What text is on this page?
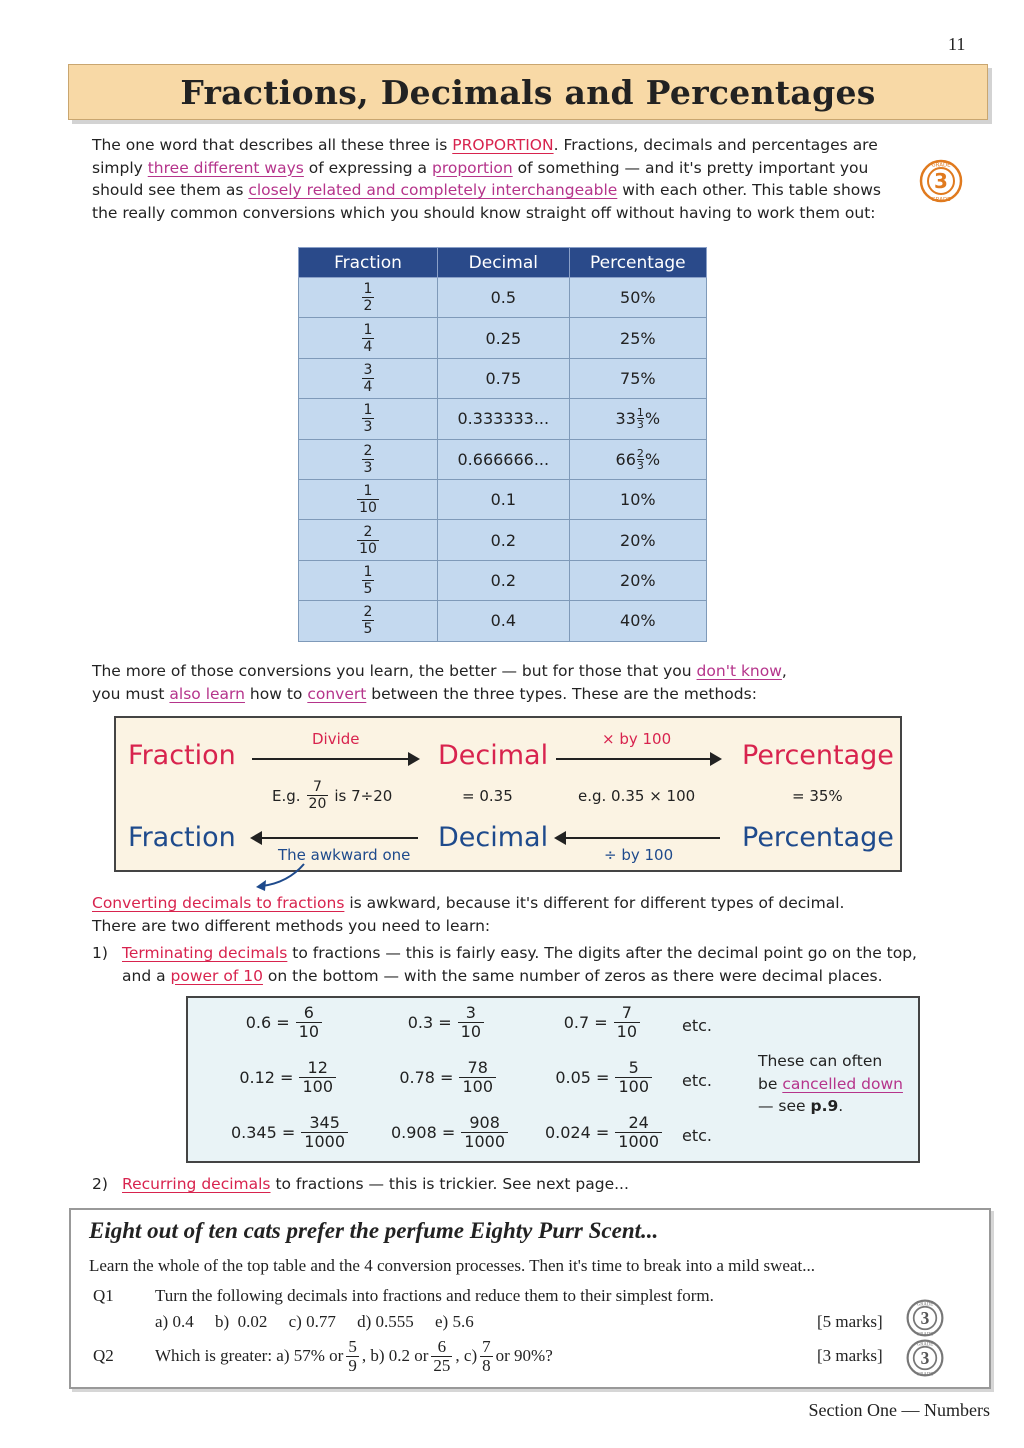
11
Fractions, Decimals and Percentages
The one word that describes all these three is PROPORTION. Fractions, decimals and percentages are
simply three different ways of expressing a proportion of something — and it's pretty important you
should see them as closely related and completely interchangeable with each other. This table shows
the really common conversions which you should know straight off without having to work them out:
3
GRADE
GRADE
Fraction	Decimal	Percentage

$\frac{1}{2}$	0.5	50%

$\frac{1}{4}$	0.25	25%

$\frac{3}{4}$	0.75	75%

$\frac{1}{3}$	0.333333...	33 1
3 %

$\frac{2}{3}$	0.666666...	66 2
3 %

$\frac{1}{10}$	0.1	10%

$\frac{2}{10}$	0.2	20%

$\frac{1}{5}$	0.2	20%

$\frac{2}{5}$	0.4	40%
The more of those conversions you learn, the better — but for those that you don't know,
you must also learn how to convert between the three types. These are the methods:
Fraction
Divide
Decimal
× by 100
Percentage
E.g. $\frac{7}{20}$ is 7÷20	= 0.35	e.g. 0.35 × 100	= 35%
Fraction
The awkward one
Decimal
÷ by 100
Percentage
Converting decimals to fractions is awkward, because it's different for different types of decimal.
There are two different methods you need to learn:
1) Terminating decimals to fractions — this is fairly easy. The digits after the decimal point go on the top,
and a power of 10 on the bottom — with the same number of zeros as there were decimal places.
$0.6 = \frac{6}{10}$	$0.3 = \frac{3}{10}$	$0.7 = \frac{7}{10}$	etc.
$0.12 = \frac{12}{100}$	$0.78 = \frac{78}{100}$	$0.05 = \frac{5}{100}$ etc.
$0.345 = \frac{345}{1000}$	$0.908 = \frac{908}{1000} 0.024 = \frac{24}{1000}$ etc.
These can often
be cancelled down
— see p.9.
2) Recurring decimals to fractions — this is trickier. See next page...
Eight out of ten cats prefer the perfume Eighty Purr Scent...
Learn the whole of the top table and the 4 conversion processes. Then it's time to break into a mild sweat...
Q1 Turn the following decimals into fractions and reduce them to their simplest form.
a) 0.4     b)  0.02     c) 0.77     d) 0.555     e) 5.6	[5 marks] 3
GRADE
GRADE
Q2 Which is greater: a) 57% or $\frac{5}{9}$ , b) 0.2 or $\frac{6}{25}$ , $c) \frac{7}{8}$ or 90%?	[3 marks] 3
GRADE
GRADE
Section One — Numbers
